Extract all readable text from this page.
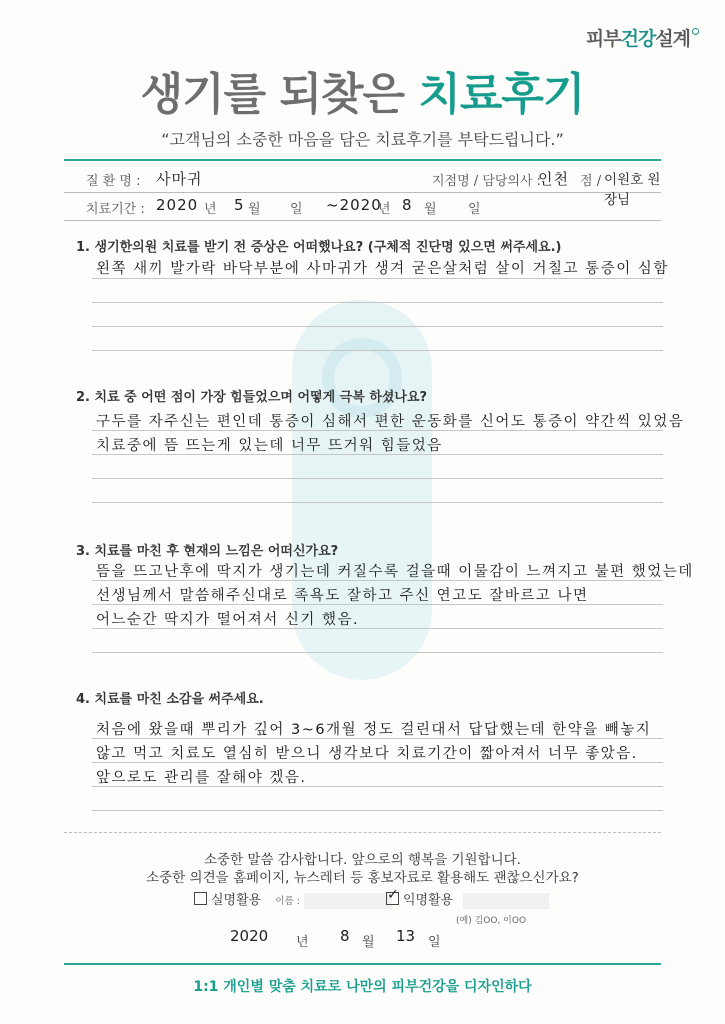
피부건강설계
생기를 되찾은 치료후기
“고객님의 소중한 마음을 담은 치료후기를 부탁드립니다.”
질 환 명 : 사마귀	지점명 / 담당의사 :
인천 점 / 이원호 원장님
치료기간 : 2020 년 5 월 일 ~2020
년 8 월 일
1. 생기한의원 치료를 받기 전 증상은 어떠했나요? (구체적 진단명 있으면 써주세요.)
왼쪽 새끼 발가락 바닥부분에 사마귀가 생겨 굳은살처럼 살이 거칠고 통증이 심함
2. 치료 중 어떤 점이 가장 힘들었으며 어떻게 극복 하셨나요?
구두를 자주신는 편인데 통증이 심해서 편한 운동화를 신어도 통증이 약간씩 있었음
치료중에 뜸 뜨는게 있는데 너무 뜨거워 힘들었음
3. 치료를 마친 후 현재의 느낌은 어떠신가요?
뜸을 뜨고난후에 딱지가 생기는데 커질수록 걸을때 이물감이 느껴지고 불편 했었는데
선생님께서 말씀해주신대로 족욕도 잘하고 주신 연고도 잘바르고 나면
어느순간 딱지가 떨어져서 신기 했음.
4. 치료를 마친 소감을 써주세요.
처음에 왔을때 뿌리가 깊어 3~6개월 정도 걸린대서 답답했는데 한약을 빼놓지
않고 먹고 치료도 열심히 받으니 생각보다 치료기간이 짧아져서 너무 좋았음.
앞으로도 관리를 잘해야 겠음.
소중한 말씀 감사합니다. 앞으로의 행복을 기원합니다.
소중한 의견을 홈페이지, 뉴스레터 등 홍보자료로 활용해도 괜찮으신가요?
실명활용 이름 :	✓ 익명활용
(예) 김OO, 이OO
2020 년 8 월 13 일
1:1 개인별 맞춤 치료로 나만의 피부건강을 디자인하다
